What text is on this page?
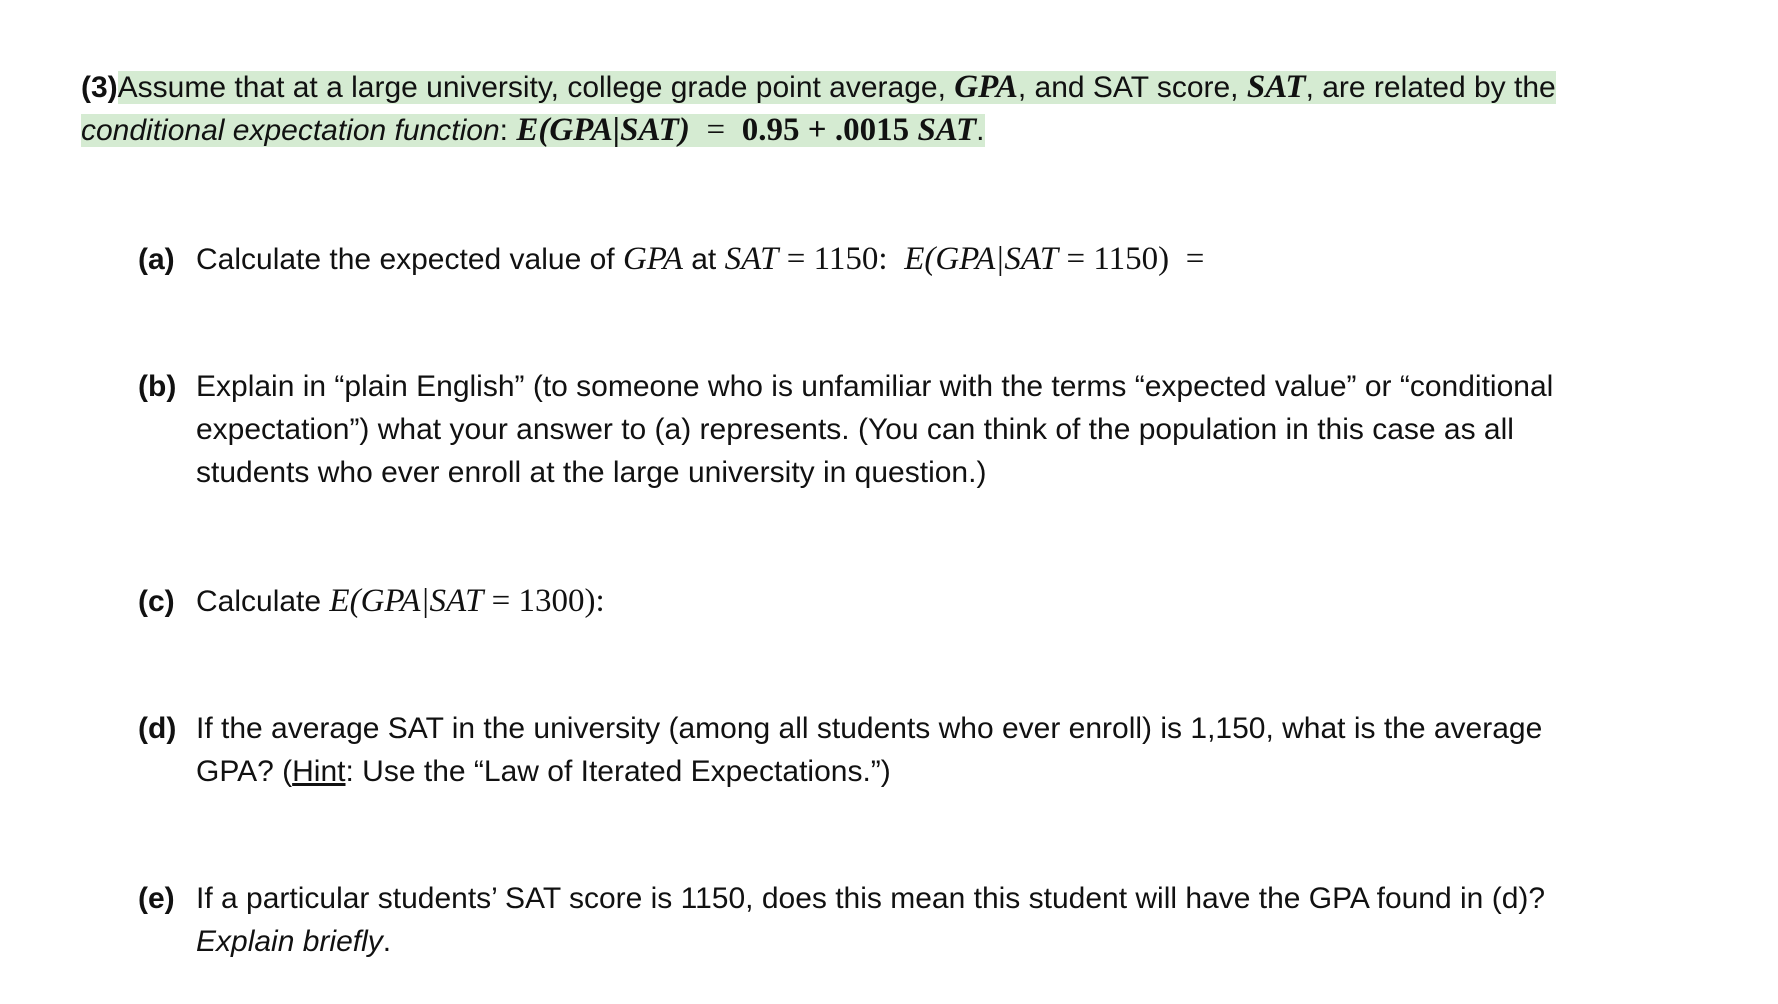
(3)Assume that at a large university, college grade point average, GPA, and SAT score, SAT, are related by the
conditional expectation function: E(GPA|SAT) = 0.95 + .0015 SAT.
(a) Calculate the expected value of GPA at SAT = 1150: E(GPA|SAT = 1150) =
(b) Explain in “plain English” (to someone who is unfamiliar with the terms “expected value” or “conditional
expectation”) what your answer to (a) represents. (You can think of the population in this case as all
students who ever enroll at the large university in question.)
(c) Calculate E(GPA|SAT = 1300):
(d) If the average SAT in the university (among all students who ever enroll) is 1,150, what is the average
GPA? (Hint: Use the “Law of Iterated Expectations.”)
(e) If a particular students’ SAT score is 1150, does this mean this student will have the GPA found in (d)?
Explain briefly.
